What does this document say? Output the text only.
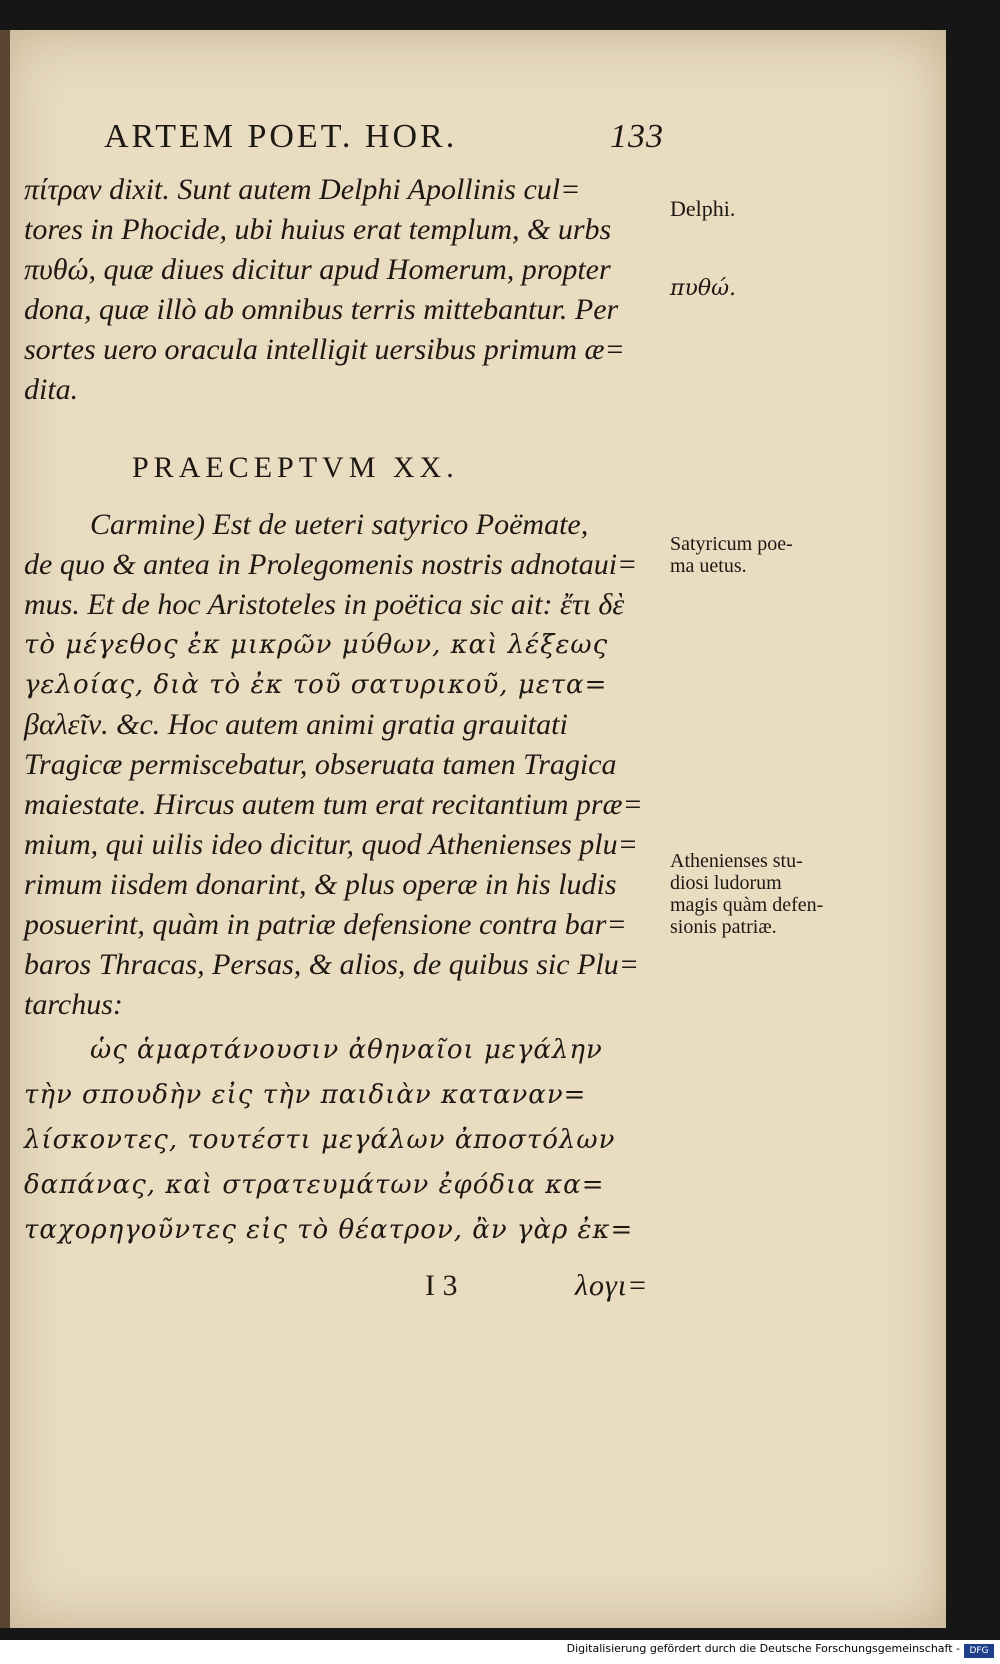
ARTEM POET. HOR.	133
πίτραν dixit. Sunt autem Delphi Apollinis cul=
tores in Phocide, ubi huius erat templum, & urbs
πυθώ, quæ diues dicitur apud Homerum, propter
dona, quæ illò ab omnibus terris mittebantur. Per
sortes uero oracula intelligit uersibus primum æ=
dita.
PRAECEPTVM XX.
Carmine) Est de ueteri satyrico Poëmate,
de quo & antea in Prolegomenis nostris adnotaui=
mus. Et de hoc Aristoteles in poëtica sic ait: ἔτι δὲ
τὸ μέγεθος ἐκ μικρῶν μύθων, καὶ λέξεως
γελοίας, διὰ τὸ ἐκ τοῦ σατυρικοῦ, μετα=
βαλεῖν. &c. Hoc autem animi gratia grauitati
Tragicæ permiscebatur, obseruata tamen Tragica
maiestate. Hircus autem tum erat recitantium præ=
mium, qui uilis ideo dicitur, quod Athenienses plu=
rimum iisdem donarint, & plus operæ in his ludis
posuerint, quàm in patriæ defensione contra bar=
baros Thracas, Persas, & alios, de quibus sic Plu=
tarchus:
ὡς ἁμαρτάνουσιν ἀθηναῖοι μεγάλην
τὴν σπουδὴν εἰς τὴν παιδιὰν καταναν=
λίσκοντες, τουτέστι μεγάλων ἀποστόλων
δαπάνας, καὶ στρατευμάτων ἐφόδια κα=
ταχορηγοῦντες εἰς τὸ θέατρον, ἂν γὰρ ἐκ=
I 3	λογι=
Delphi.
πυθώ.
Satyricum poe-
ma uetus.
Athenienses stu-
diosi ludorum
magis quàm defen-
sionis patriæ.
Digitalisierung gefördert durch die Deutsche Forschungsgemeinschaft -	DFG
